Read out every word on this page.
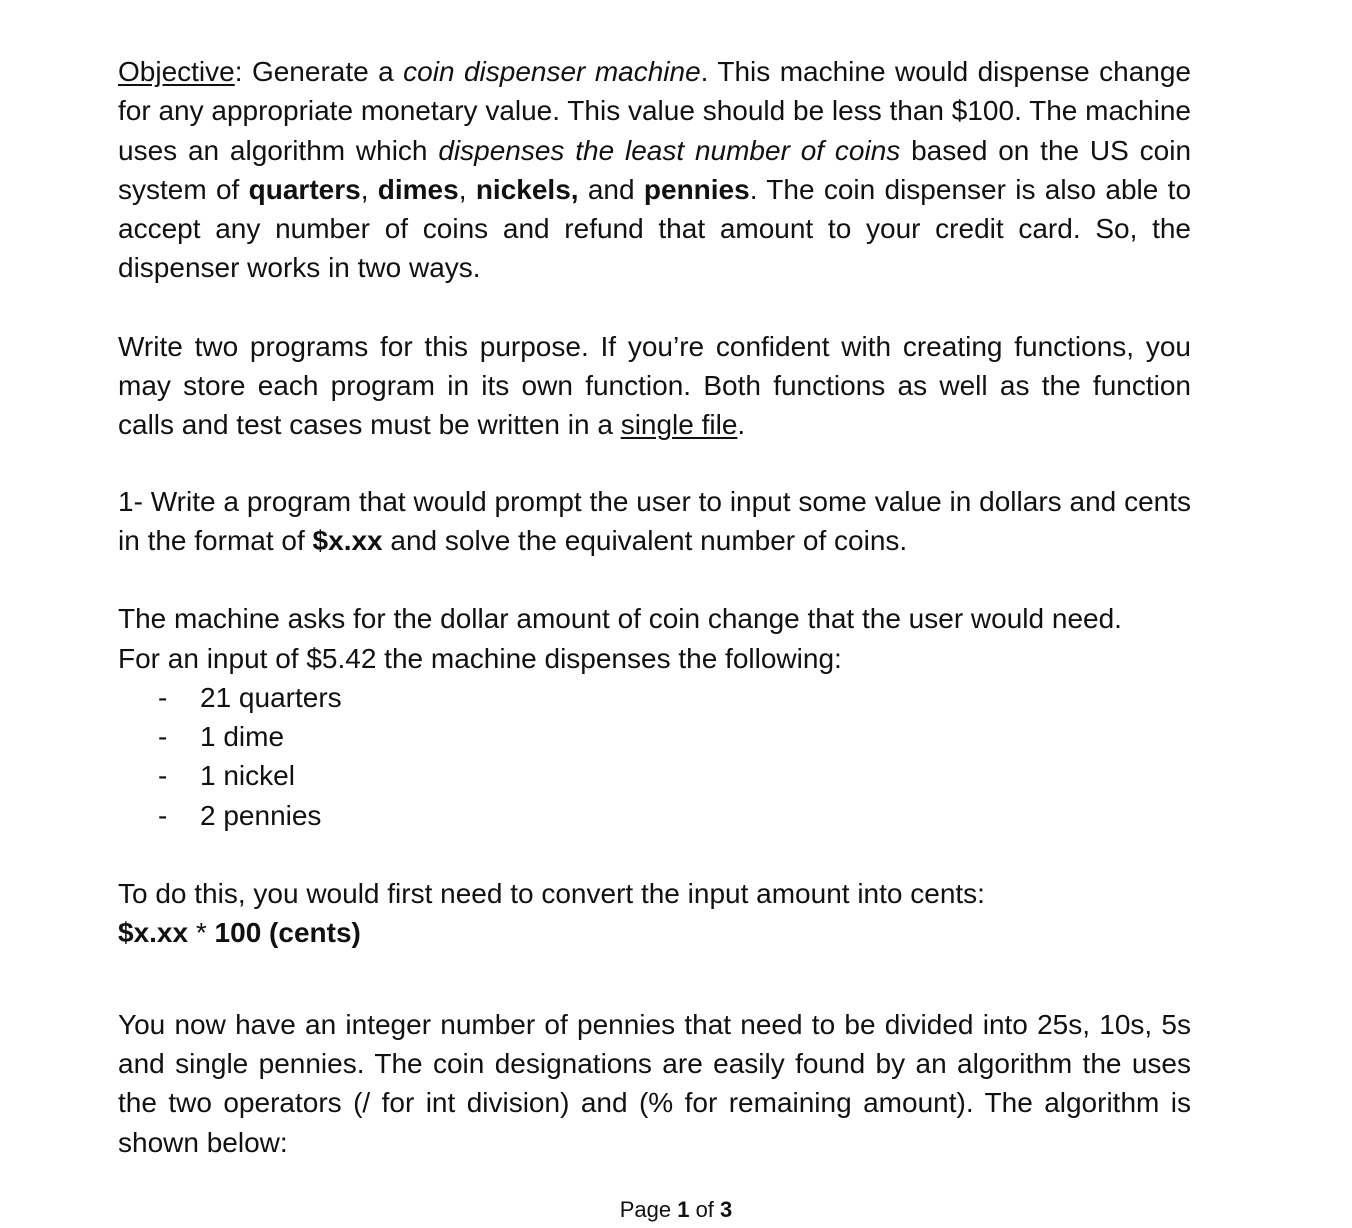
Objective: Generate a coin dispenser machine. This machine would dispense change for any appropriate monetary value. This value should be less than $100. The machine uses an algorithm which dispenses the least number of coins based on the US coin system of quarters, dimes, nickels, and pennies. The coin dispenser is also able to accept any number of coins and refund that amount to your credit card. So, the dispenser works in two ways.

Write two programs for this purpose. If you’re confident with creating functions, you may store each program in its own function. Both functions as well as the function calls and test cases must be written in a single file.

1- Write a program that would prompt the user to input some value in dollars and cents in the format of $x.xx and solve the equivalent number of coins.

The machine asks for the dollar amount of coin change that the user would need.

For an input of $5.42 the machine dispenses the following:

- 21 quarters
- 1 dime
- 1 nickel
- 2 pennies

To do this, you would first need to convert the input amount into cents:

$x.xx * 100 (cents)

You now have an integer number of pennies that need to be divided into 25s, 10s, 5s and single pennies. The coin designations are easily found by an algorithm the uses the two operators (/ for int division) and (% for remaining amount). The algorithm is shown below:

Page 1 of 3
